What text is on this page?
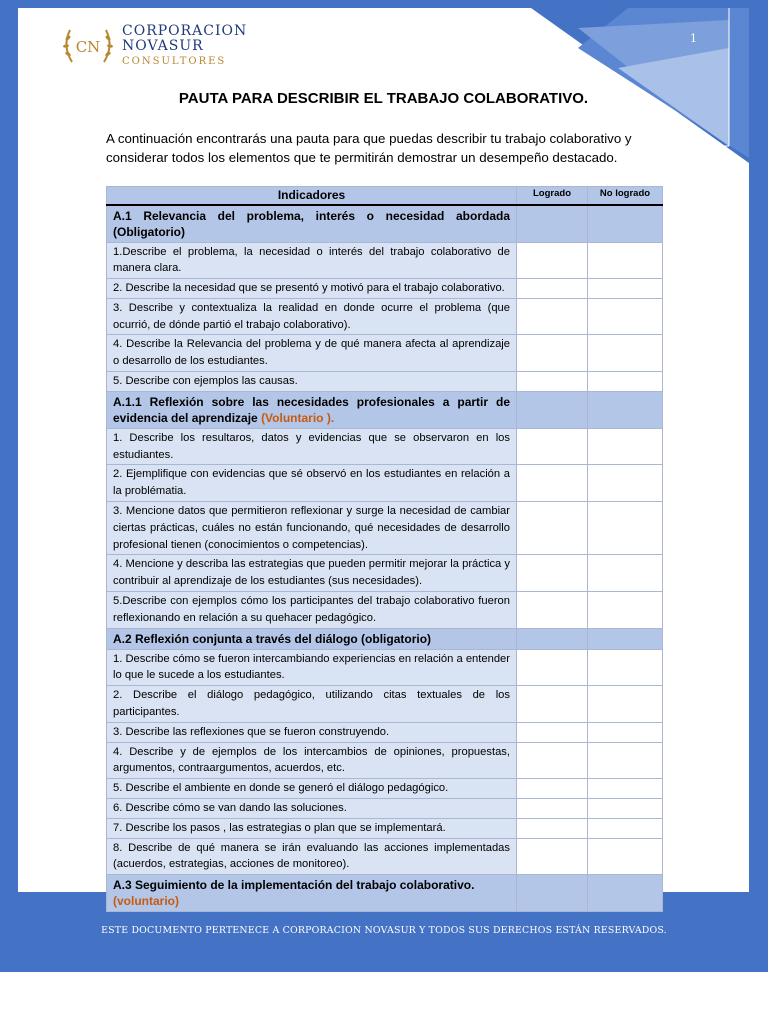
CN
CORPORACION
NOVASUR
CONSULTORES
1
PAUTA PARA DESCRIBIR EL TRABAJO COLABORATIVO.

A continuación encontrarás una pauta para que puedas describir tu trabajo colaborativo y considerar todos los elementos que te permitirán demostrar un desempeño destacado.

Indicadores	Logrado	No logrado
A.1 Relevancia del problema, interés o necesidad abordada (Obligatorio)		
1.Describe el problema, la necesidad o interés del trabajo colaborativo de manera clara.		
2. Describe la necesidad que se presentó y motivó para el trabajo colaborativo.		
3. Describe y contextualiza la realidad en donde ocurre el problema (que ocurrió, de dónde partió el trabajo colaborativo).		
4. Describe la Relevancia del problema y de qué manera afecta al aprendizaje o desarrollo de los estudiantes.		
5. Describe con ejemplos las causas.		
A.1.1 Reflexión sobre las necesidades profesionales a partir de evidencia del aprendizaje (Voluntario ).		
1. Describe los resultaros, datos y evidencias que se observaron en los estudiantes.		
2. Ejemplifique con evidencias que sé observó en los estudiantes en relación a la problématia.		
3. Mencione datos que permitieron reflexionar y surge la necesidad de cambiar ciertas prácticas, cuáles no están funcionando, qué necesidades de desarrollo profesional tienen (conocimientos o competencias).		
4. Mencione y describa las estrategias que pueden permitir mejorar la práctica y contribuir al aprendizaje de los estudiantes (sus necesidades).		
5.Describe con ejemplos cómo los participantes del trabajo colaborativo fueron reflexionando en relación a su quehacer pedagógico.		
A.2 Reflexión conjunta a través del diálogo (obligatorio)		
1. Describe cómo se fueron intercambiando experiencias en relación a entender lo que le sucede a los estudiantes.		
2. Describe el diálogo pedagógico, utilizando citas textuales de los participantes.		
3. Describe las reflexiones que se fueron construyendo.		
4. Describe y de ejemplos de los intercambios de opiniones, propuestas, argumentos, contraargumentos, acuerdos, etc.		
5. Describe el ambiente en donde se generó el diálogo pedagógico.		
6. Describe cómo se van dando las soluciones.		
7. Describe los pasos , las estrategias o plan que se implementará.		
8. Describe de qué manera se irán evaluando las acciones implementadas (acuerdos, estrategias, acciones de monitoreo).		
A.3 Seguimiento de la implementación del trabajo colaborativo.
(voluntario)		

ESTE DOCUMENTO PERTENECE A CORPORACION NOVASUR Y TODOS SUS DERECHOS ESTÁN RESERVADOS.
